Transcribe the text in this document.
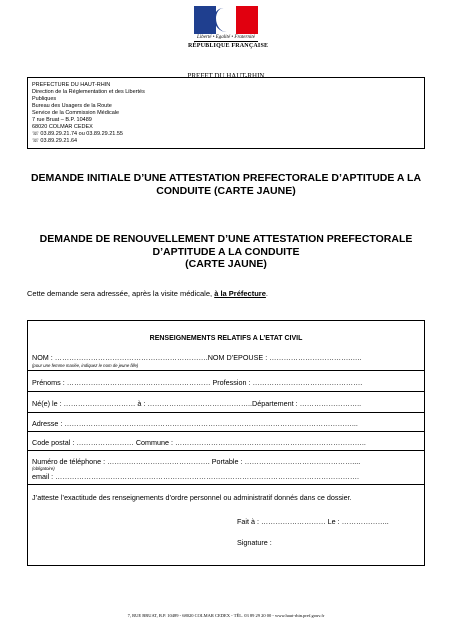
Liberté • Égalité • Fraternité
RÉPUBLIQUE FRANÇAISE
PREFET DU HAUT-RHIN
PREFECTURE DU HAUT-RHIN
Direction de la Réglementation et des Libertés
Publiques
Bureau des Usagers de la Route
Service de la Commission Médicale
7 rue Bruat – B.P. 10489
68020 COLMAR CEDEX
☏ 03.89.29.21.74 ou 03.89.29.21.55
☏ 03.89.29.21.64
DEMANDE INITIALE D’UNE ATTESTATION PREFECTORALE D’APTITUDE A LA CONDUITE (CARTE JAUNE)
DEMANDE DE RENOUVELLEMENT D’UNE ATTESTATION PREFECTORALE
D’APTITUDE A LA CONDUITE
(CARTE JAUNE)
Cette demande sera adressée, après la visite médicale, à la Préfecture.
RENSEIGNEMENTS RELATIFS A L’ETAT CIVIL
NOM : ……………………………………………………….NOM D’EPOUSE : …………………………….…..
(pour une femme mariée, indiquez le nom de jeune fille)
Prénoms : …………………………………………………… Profession : ……………………………………….
Né(e) le : ………………………… à : ……………………………………..Département : ……………………..
Adresse : …………………………………………………………………………………………………………...
Code postal : …………………… Commune : ……………………………………………………………………..
Numéro de téléphone : ……………………………………. Portable : ………………………………………....
(obligatoire)
email : ……………………………………………………………………………………………………………….
J’atteste l’exactitude des renseignements d’ordre personnel ou administratif donnés dans ce dossier.
Fait à : ……………………… Le : ………………..
Signature :
7, RUE BRUAT, B.P. 10489 - 68020 COLMAR CEDEX - TÉL. 03 89 29 20 00 - www.haut-rhin.pref.gouv.fr
